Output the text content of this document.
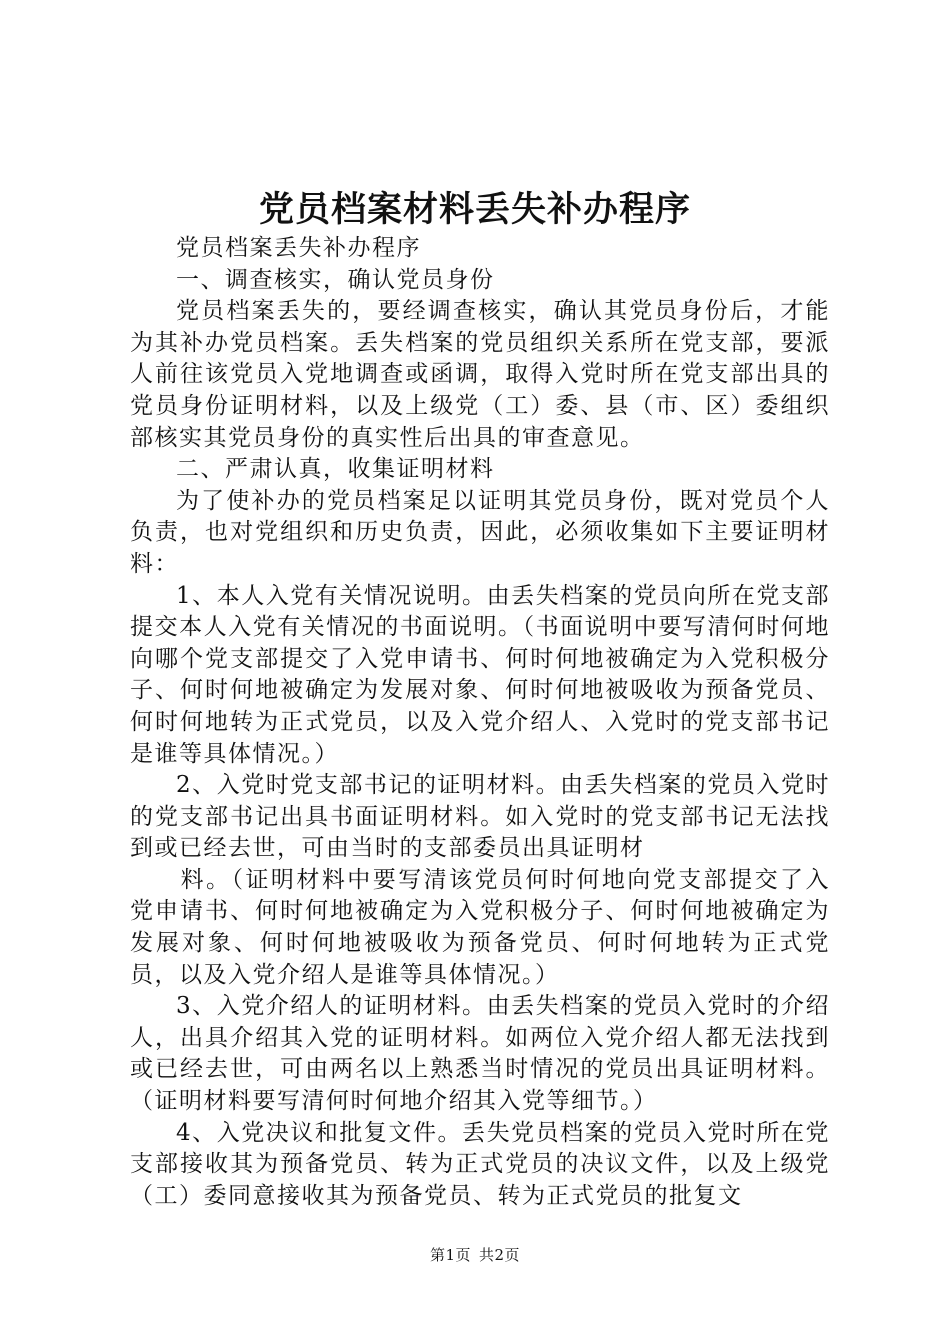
党员档案材料丢失补办程序

党员档案丢失补办程序

一、调查核实，确认党员身份

党员档案丢失的，要经调查核实，确认其党员身份后，才能为其补办党员档案。丢失档案的党员组织关系所在党支部，要派人前往该党员入党地调查或函调，取得入党时所在党支部出具的党员身份证明材料，以及上级党（工）委、县（市、区）委组织部核实其党员身份的真实性后出具的审查意见。

二、严肃认真，收集证明材料

为了使补办的党员档案足以证明其党员身份，既对党员个人负责，也对党组织和历史负责，因此，必须收集如下主要证明材料：

1、本人入党有关情况说明。由丢失档案的党员向所在党支部提交本人入党有关情况的书面说明。（书面说明中要写清何时何地向哪个党支部提交了入党申请书、何时何地被确定为入党积极分子、何时何地被确定为发展对象、何时何地被吸收为预备党员、何时何地转为正式党员，以及入党介绍人、入党时的党支部书记是谁等具体情况。）

2、入党时党支部书记的证明材料。由丢失档案的党员入党时的党支部书记出具书面证明材料。如入党时的党支部书记无法找到或已经去世，可由当时的支部委员出具证明材

料。（证明材料中要写清该党员何时何地向党支部提交了入党申请书、何时何地被确定为入党积极分子、何时何地被确定为发展对象、何时何地被吸收为预备党员、何时何地转为正式党员，以及入党介绍人是谁等具体情况。）

3、入党介绍人的证明材料。由丢失档案的党员入党时的介绍人，出具介绍其入党的证明材料。如两位入党介绍人都无法找到或已经去世，可由两名以上熟悉当时情况的党员出具证明材料。（证明材料要写清何时何地介绍其入党等细节。）

4、入党决议和批复文件。丢失党员档案的党员入党时所在党支部接收其为预备党员、转为正式党员的决议文件，以及上级党（工）委同意接收其为预备党员、转为正式党员的批复文

第1页 共2页
